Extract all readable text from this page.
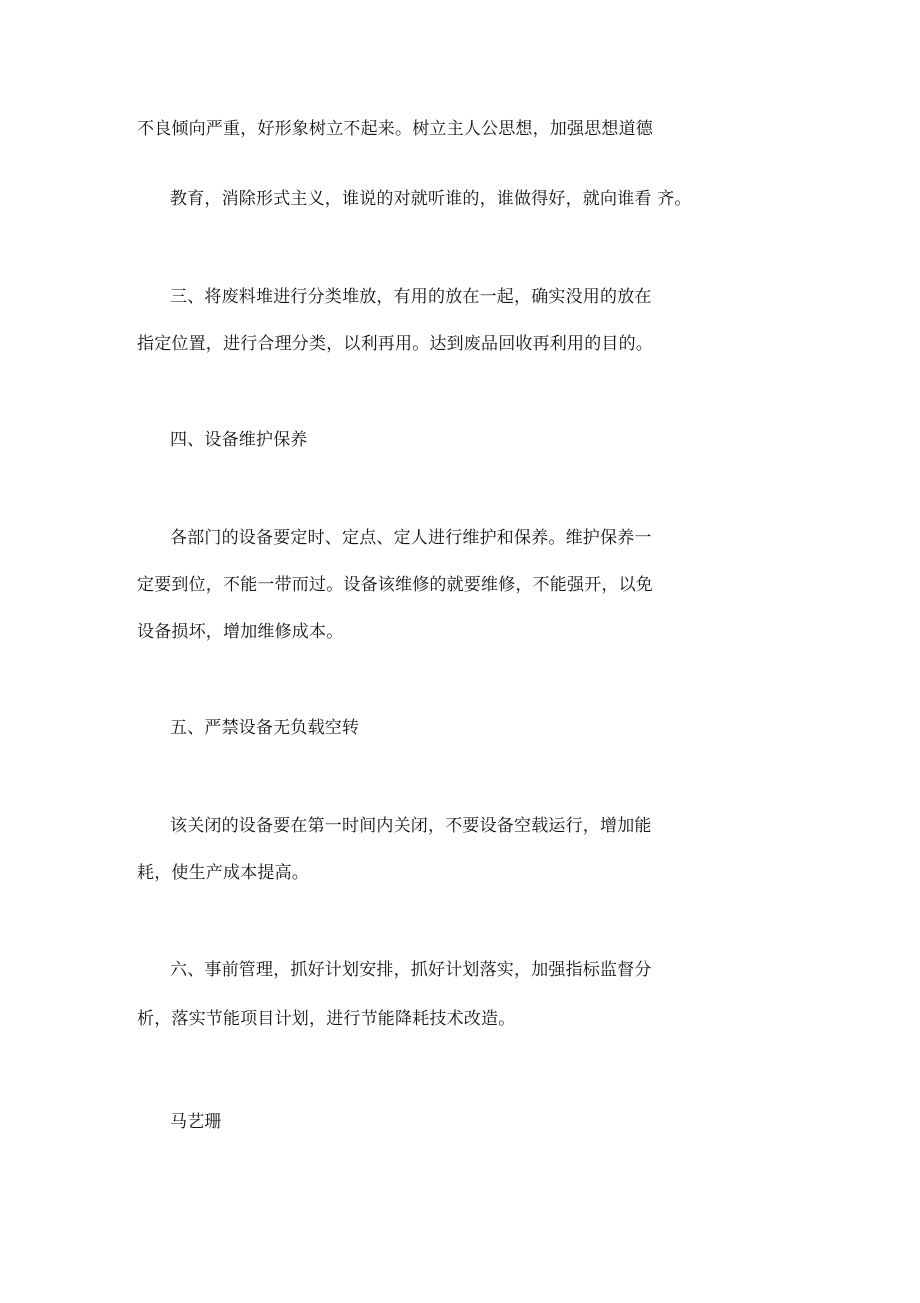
不良倾向严重，好形象树立不起来。树立主人公思想，加强思想道德
教育，消除形式主义，谁说的对就听谁的，谁做得好，就向谁看 齐。
三、将废料堆进行分类堆放，有用的放在一起，确实没用的放在
指定位置，进行合理分类，以利再用。达到废品回收再利用的目的。
四、设备维护保养
各部门的设备要定时、定点、定人进行维护和保养。维护保养一
定要到位，不能一带而过。设备该维修的就要维修，不能强开，以免
设备损坏，增加维修成本。
五、严禁设备无负载空转
该关闭的设备要在第一时间内关闭，不要设备空载运行，增加能
耗，使生产成本提高。
六、事前管理，抓好计划安排，抓好计划落实，加强指标监督分
析，落实节能项目计划，进行节能降耗技术改造。
马艺珊
